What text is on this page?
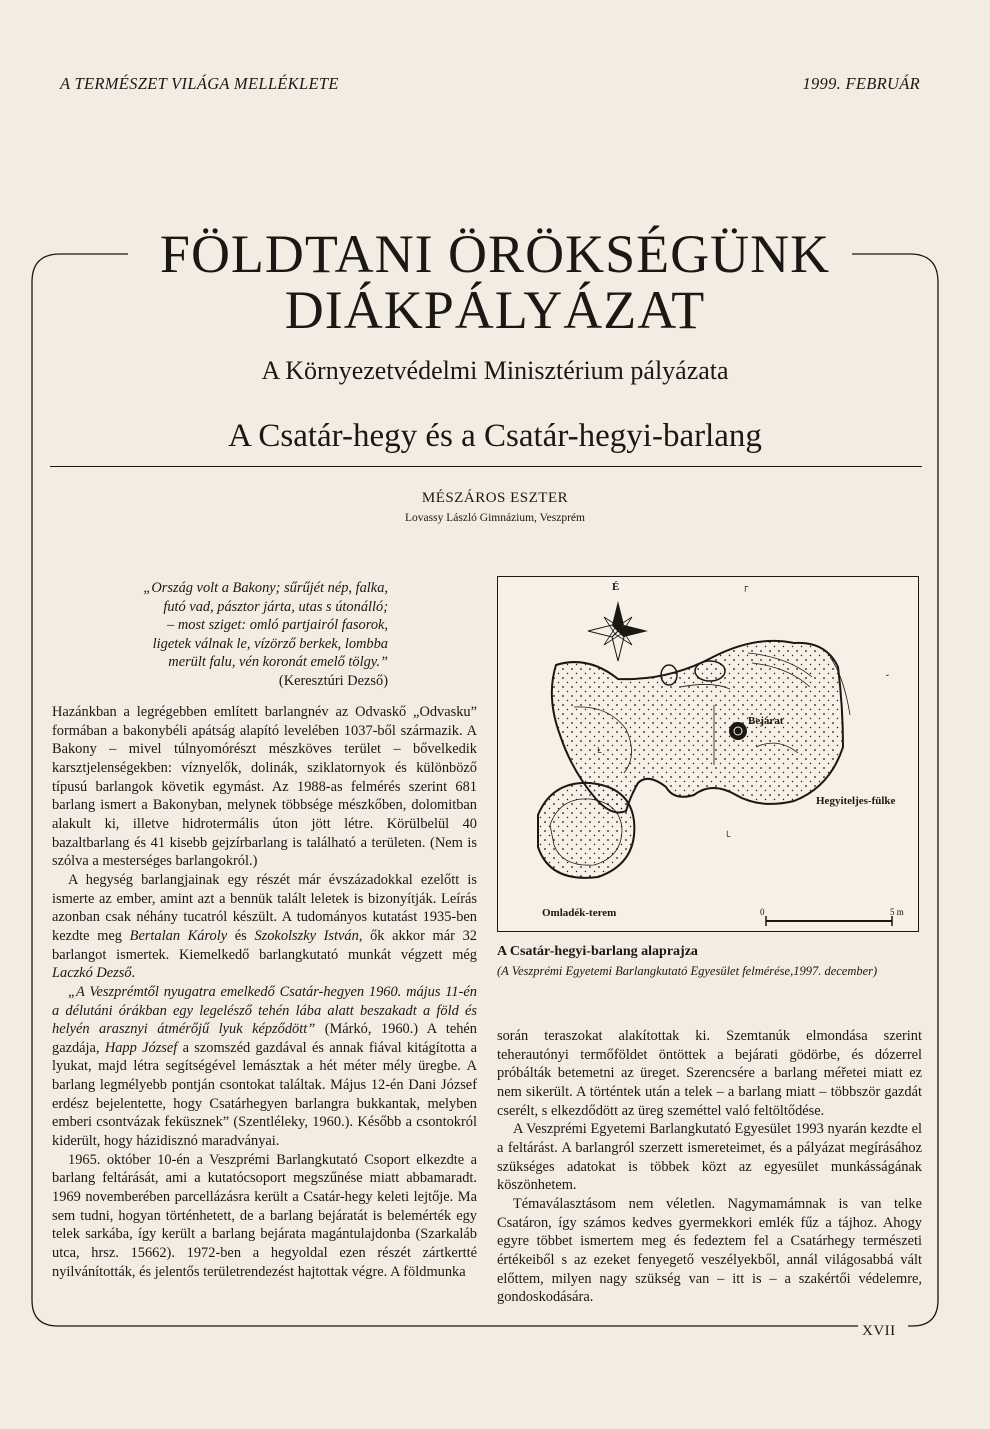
A TERMÉSZET VILÁGA MELLÉKLETE	1999. FEBRUÁR
FÖLDTANI ÖRÖKSÉGÜNK
DIÁKPÁLYÁZAT
A Környezetvédelmi Minisztérium pályázata
A Csatár-hegy és a Csatár-hegyi-barlang
MÉSZÁROS ESZTER
Lovassy László Gimnázium, Veszprém
„Ország volt a Bakony; sűrűjét nép, falka,
futó vad, pásztor járta, utas s útonálló;
– most sziget: omló partjairól fasorok,
ligetek válnak le, vízörző berkek, lombba
merült falu, vén koronát emelő tölgy.”
(Keresztúri Dezső)

Hazánkban a legrégebben említett barlangnév az Odvaskő „Odvasku” formában a bakonybéli apátság alapító levelében 1037-ből származik. A Bakony – mivel túlnyomórészt mészköves terület – bővelkedik karsztjelenségekben: víznyelők, dolinák, sziklatornyok és különböző típusú barlangok követik egymást. Az 1988-as felmérés szerint 681 barlang ismert a Bakonyban, melynek többsége mészkőben, dolomitban alakult ki, illetve hidrotermális úton jött létre. Körülbelül 40 bazaltbarlang és 41 kisebb gejzírbarlang is található a területen. (Nem is szólva a mesterséges barlangokról.)

A hegység barlangjainak egy részét már évszázadokkal ezelőtt is ismerte az ember, amint azt a bennük talált leletek is bizonyítják. Leírás azonban csak néhány tucatról készült. A tudományos kutatást 1935-ben kezdte meg Bertalan Károly és Szokolszky István, ők akkor már 32 barlangot ismertek. Kiemelkedő barlangkutató munkát végzett még Laczkó Dezső.

„A Veszprémtől nyugatra emelkedő Csatár-hegyen 1960. május 11-én a délutáni órákban egy legelésző tehén lába alatt beszakadt a föld és helyén arasznyi átmérőjű lyuk képződött” (Márkó, 1960.) A tehén gazdája, Happ József a szomszéd gazdával és annak fiával kitágította a lyukat, majd létra segítségével lemásztak a hét méter mély üregbe. A barlang legmélyebb pontján csontokat találtak. Május 12-én Dani József erdész bejelentette, hogy Csatárhegyen barlangra bukkantak, melyben emberi csontvázak feküsznek” (Szentléleky, 1960.). Később a csontokról kiderült, hogy házidisznó maradványai.

1965. október 10-én a Veszprémi Barlangkutató Csoport elkezdte a barlang feltárását, ami a kutatócsoport megszűnése miatt abbamaradt. 1969 novemberében parcellázásra került a Csatár-hegy keleti lejtője. Ma sem tudni, hogyan történhetett, de a barlang bejáratát is belemérték egy telek sarkába, így került a barlang bejárata magántulajdonba (Szarkaláb utca, hrsz. 15662). 1972-ben a hegyoldal ezen részét zártkertté nyilvánították, és jelentős területrendezést hajtottak végre. A földmunka

┌
ˇ
└
└
É
Bejárat
Hegyiteljes-fülke
Omladék-terem	0	5 m
A Csatár-hegyi-barlang alaprajza
(A Veszprémi Egyetemi Barlangkutató Egyesület felmérése,1997. december)

során teraszokat alakítottak ki. Szemtanúk elmondása szerint teherautónyi termőföldet öntöttek a bejárati gödörbe, és dózerrel próbálták betemetni az üreget. Szerencsére a barlang méřetei miatt ez nem sikerült. A történtek után a telek – a barlang miatt – többször gazdát cserélt, s elkezdődött az üreg szeméttel való feltöltődése.

A Veszprémi Egyetemi Barlangkutató Egyesület 1993 nyarán kezdte el a feltárást. A barlangról szerzett ismereteimet, és a pályázat megírásához szükséges adatokat is többek közt az egyesület munkásságának köszönhetem.

Témaválasztásom nem véletlen. Nagymamámnak is van telke Csatáron, így számos kedves gyermekkori emlék fűz a tájhoz. Ahogy egyre többet ismertem meg és fedeztem fel a Csatárhegy természeti értékeiből s az ezeket fenyegető veszélyekből, annál világosabbá vált előttem, milyen nagy szükség van – itt is – a szakértői védelemre, gondoskodására.

XVII
